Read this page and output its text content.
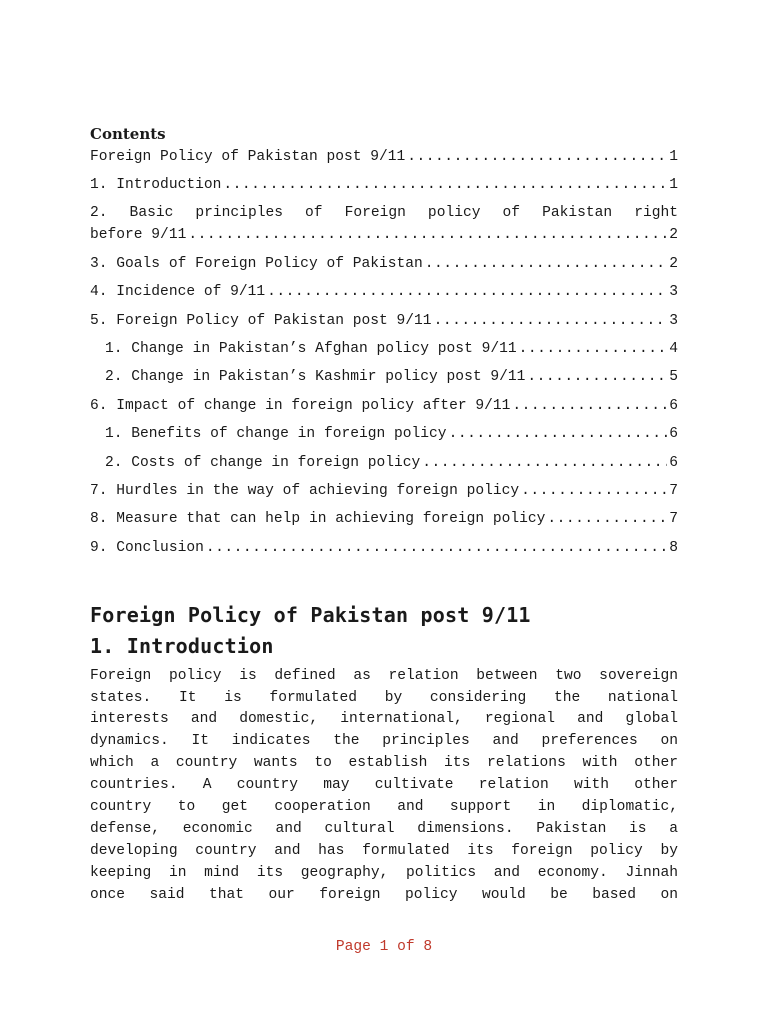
Contents
Foreign Policy of Pakistan post 9/11 .....	1
1. Introduction .....	1
2. Basic principles of Foreign policy of Pakistan right
before 9/11 .....	2
3. Goals of Foreign Policy of Pakistan .....	2
4. Incidence of 9/11 .....	3
5. Foreign Policy of Pakistan post 9/11 .....	3
1. Change in Pakistan’s Afghan policy post 9/11 .....	4
2. Change in Pakistan’s Kashmir policy post 9/11 .....	5
6. Impact of change in foreign policy after 9/11 .....	6
1. Benefits of change in foreign policy .....	6
2. Costs of change in foreign policy .....	6
7. Hurdles in the way of achieving foreign policy .....	7
8. Measure that can help in achieving foreign policy .....	7
9. Conclusion .....	8
Foreign Policy of Pakistan post 9/11
1. Introduction
Foreign policy is defined as relation between two sovereign
states. It is formulated by considering the national
interests and domestic, international, regional and global
dynamics. It indicates the principles and preferences on
which a country wants to establish its relations with other
countries. A country may cultivate relation with other
country to get cooperation and support in diplomatic,
defense, economic and cultural dimensions. Pakistan is a
developing country and has formulated its foreign policy by
keeping in mind its geography, politics and economy. Jinnah
once said that our foreign policy would be based on
Page 1 of 8
